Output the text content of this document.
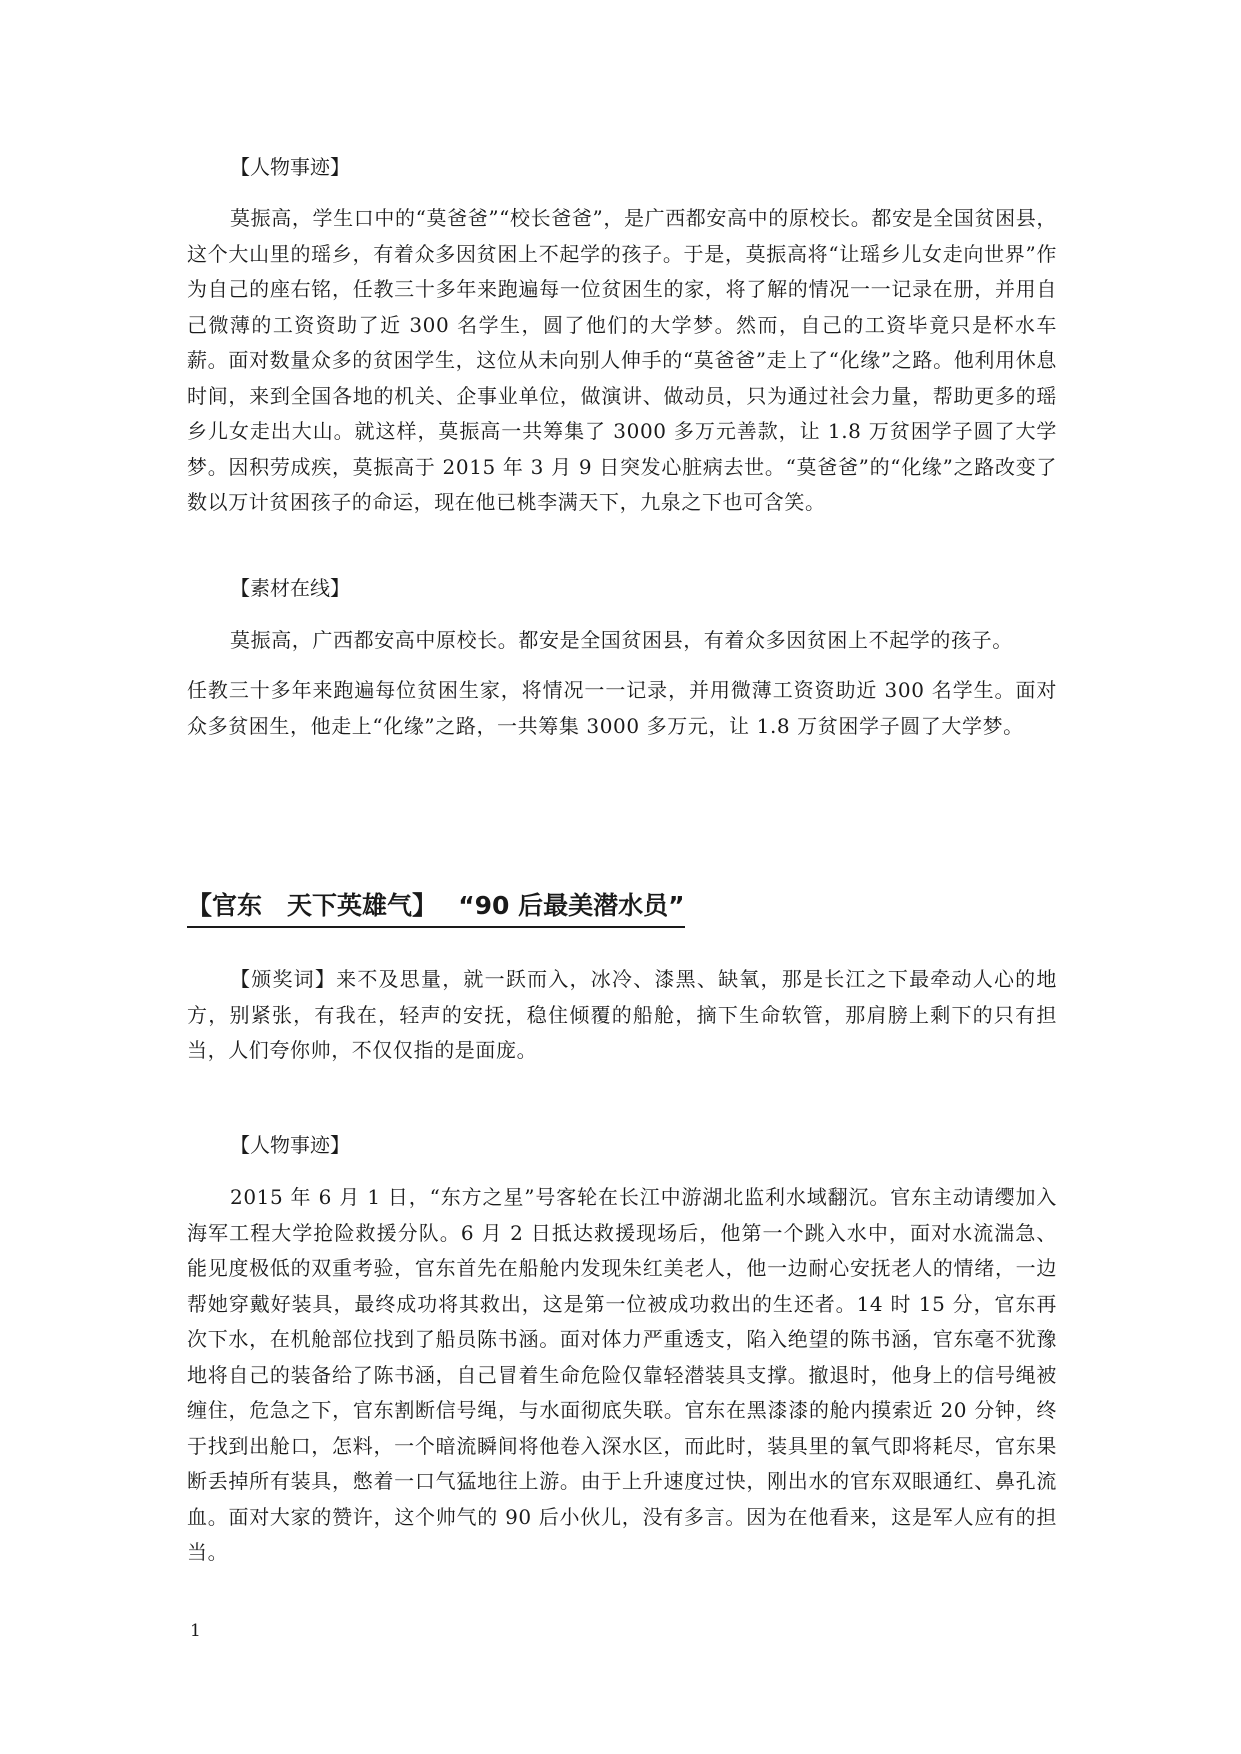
【人物事迹】

莫振高，学生口中的“莫爸爸”“校长爸爸”，是广西都安高中的原校长。都安是全国贫困县，这个大山里的瑶乡，有着众多因贫困上不起学的孩子。于是，莫振高将“让瑶乡儿女走向世界”作为自己的座右铭，任教三十多年来跑遍每一位贫困生的家，将了解的情况一一记录在册，并用自己微薄的工资资助了近 300 名学生，圆了他们的大学梦。然而，自己的工资毕竟只是杯水车薪。面对数量众多的贫困学生，这位从未向别人伸手的“莫爸爸”走上了“化缘”之路。他利用休息时间，来到全国各地的机关、企事业单位，做演讲、做动员，只为通过社会力量，帮助更多的瑶乡儿女走出大山。就这样，莫振高一共筹集了 3000 多万元善款，让 1.8 万贫困学子圆了大学梦。因积劳成疾，莫振高于 2015 年 3 月 9 日突发心脏病去世。“莫爸爸”的“化缘”之路改变了数以万计贫困孩子的命运，现在他已桃李满天下，九泉之下也可含笑。

【素材在线】

莫振高，广西都安高中原校长。都安是全国贫困县，有着众多因贫困上不起学的孩子。

任教三十多年来跑遍每位贫困生家，将情况一一记录，并用微薄工资资助近 300 名学生。面对众多贫困生，他走上“化缘”之路，一共筹集 3000 多万元，让 1.8 万贫困学子圆了大学梦。

【官东　天下英雄气】　 “90 后最美潜水员”

【颁奖词】来不及思量，就一跃而入，冰冷、漆黑、缺氧，那是长江之下最牵动人心的地方，别紧张，有我在，轻声的安抚，稳住倾覆的船舱，摘下生命软管，那肩膀上剩下的只有担当，人们夸你帅，不仅仅指的是面庞。

【人物事迹】

2015 年 6 月 1 日，“东方之星”号客轮在长江中游湖北监利水域翻沉。官东主动请缨加入海军工程大学抢险救援分队。6 月 2 日抵达救援现场后，他第一个跳入水中，面对水流湍急、能见度极低的双重考验，官东首先在船舱内发现朱红美老人，他一边耐心安抚老人的情绪，一边帮她穿戴好装具，最终成功将其救出，这是第一位被成功救出的生还者。14 时 15 分，官东再次下水，在机舱部位找到了船员陈书涵。面对体力严重透支，陷入绝望的陈书涵，官东毫不犹豫地将自己的装备给了陈书涵，自己冒着生命危险仅靠轻潜装具支撑。撤退时，他身上的信号绳被缠住，危急之下，官东割断信号绳，与水面彻底失联。官东在黑漆漆的舱内摸索近 20 分钟，终于找到出舱口，怎料，一个暗流瞬间将他卷入深水区，而此时，装具里的氧气即将耗尽，官东果断丢掉所有装具，憋着一口气猛地往上游。由于上升速度过快，刚出水的官东双眼通红、鼻孔流血。面对大家的赞许，这个帅气的 90 后小伙儿，没有多言。因为在他看来，这是军人应有的担当。

1
